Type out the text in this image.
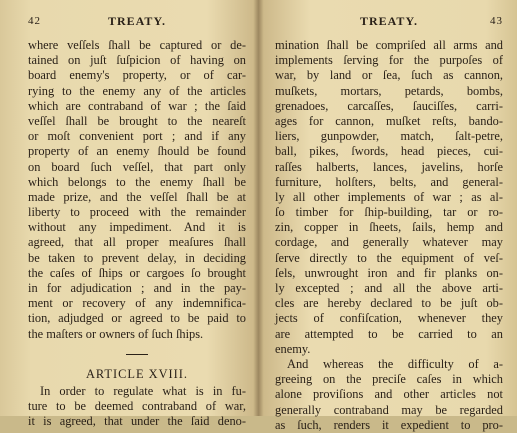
42	TREATY.
where veſſels ſhall be captured or de-
tained on juſt ſuſpicion of having on
board enemy's property, or of car-
rying to the enemy any of the articles
which are contraband of war ; the ſaid
veſſel ſhall be brought to the neareſt
or moſt convenient port ; and if any
property of an enemy ſhould be found
on board ſuch veſſel, that part only
which belongs to the enemy ſhall be
made prize, and the veſſel ſhall be at
liberty to proceed with the remainder
without any impediment. And it is
agreed, that all proper meaſures ſhall
be taken to prevent delay, in deciding
the caſes of ſhips or cargoes ſo brought
in for adjudication ; and in the pay-
ment or recovery of any indemnifica-
tion, adjudged or agreed to be paid to
the maſters or owners of ſuch ſhips.
ARTICLE XVIII.
In order to regulate what is in fu-
ture to be deemed contraband of war,
it is agreed, that under the ſaid deno-
TREATY.	43
mination ſhall be compriſed all arms and
implements ſerving for the purpoſes of
war, by land or ſea, ſuch as cannon,
muſkets, mortars, petards, bombs,
grenadoes, carcaſſes, ſauciſſes, carri-
ages for cannon, muſket reſts, bando-
liers, gunpowder, match, ſalt-petre,
ball, pikes, ſwords, head pieces, cui-
raſſes halberts, lances, javelins, horſe
furniture, holſters, belts, and general-
ly all other implements of war ; as al-
ſo timber for ſhip-building, tar or ro-
zin, copper in ſheets, ſails, hemp and
cordage, and generally whatever may
ſerve directly to the equipment of veſ-
ſels, unwrought iron and fir planks on-
ly excepted ; and all the above arti-
cles are hereby declared to be juſt ob-
jects of confiſcation, whenever they
are attempted to be carried to an
enemy.
And whereas the difficulty of a-
greeing on the preciſe caſes in which
alone proviſions and other articles not
generally contraband may be regarded
as ſuch, renders it expedient to pro-
